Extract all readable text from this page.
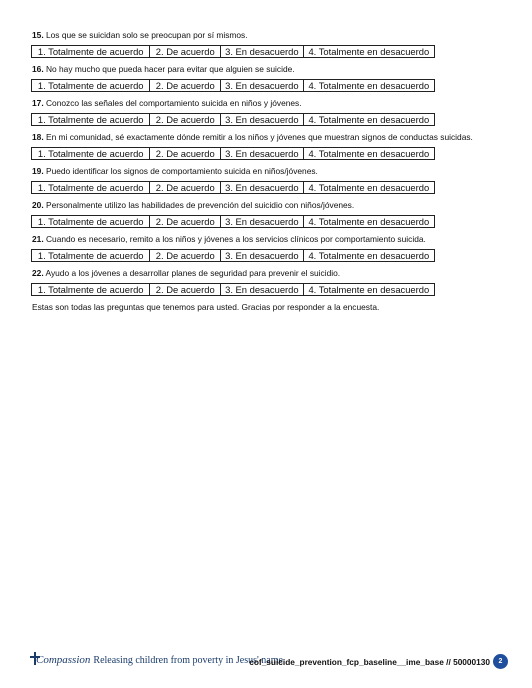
15. Los que se suicidan solo se preocupan por sí mismos.
1. Totalmente de acuerdo	2. De acuerdo	3. En desacuerdo	4. Totalmente en desacuerdo
16. No hay mucho que pueda hacer para evitar que alguien se suicide.
1. Totalmente de acuerdo	2. De acuerdo	3. En desacuerdo	4. Totalmente en desacuerdo
17. Conozco las señales del comportamiento suicida en niños y jóvenes.
1. Totalmente de acuerdo	2. De acuerdo	3. En desacuerdo	4. Totalmente en desacuerdo
18. En mi comunidad, sé exactamente dónde remitir a los niños y jóvenes que muestran signos de conductas suicidas.
1. Totalmente de acuerdo	2. De acuerdo	3. En desacuerdo	4. Totalmente en desacuerdo
19. Puedo identificar los signos de comportamiento suicida en niños/jóvenes.
1. Totalmente de acuerdo	2. De acuerdo	3. En desacuerdo	4. Totalmente en desacuerdo
20. Personalmente utilizo las habilidades de prevención del suicidio con niños/jóvenes.
1. Totalmente de acuerdo	2. De acuerdo	3. En desacuerdo	4. Totalmente en desacuerdo
21. Cuando es necesario, remito a los niños y jóvenes a los servicios clínicos por comportamiento suicida.
1. Totalmente de acuerdo	2. De acuerdo	3. En desacuerdo	4. Totalmente en desacuerdo
22. Ayudo a los jóvenes a desarrollar planes de seguridad para prevenir el suicidio.
1. Totalmente de acuerdo	2. De acuerdo	3. En desacuerdo	4. Totalmente en desacuerdo
Estas son todas las preguntas que tenemos para usted. Gracias por responder a la encuesta.
Compassion Releasing children from poverty in Jesus' name
cof_suicide_prevention_fcp_baseline__ime_base // 50000130	2
